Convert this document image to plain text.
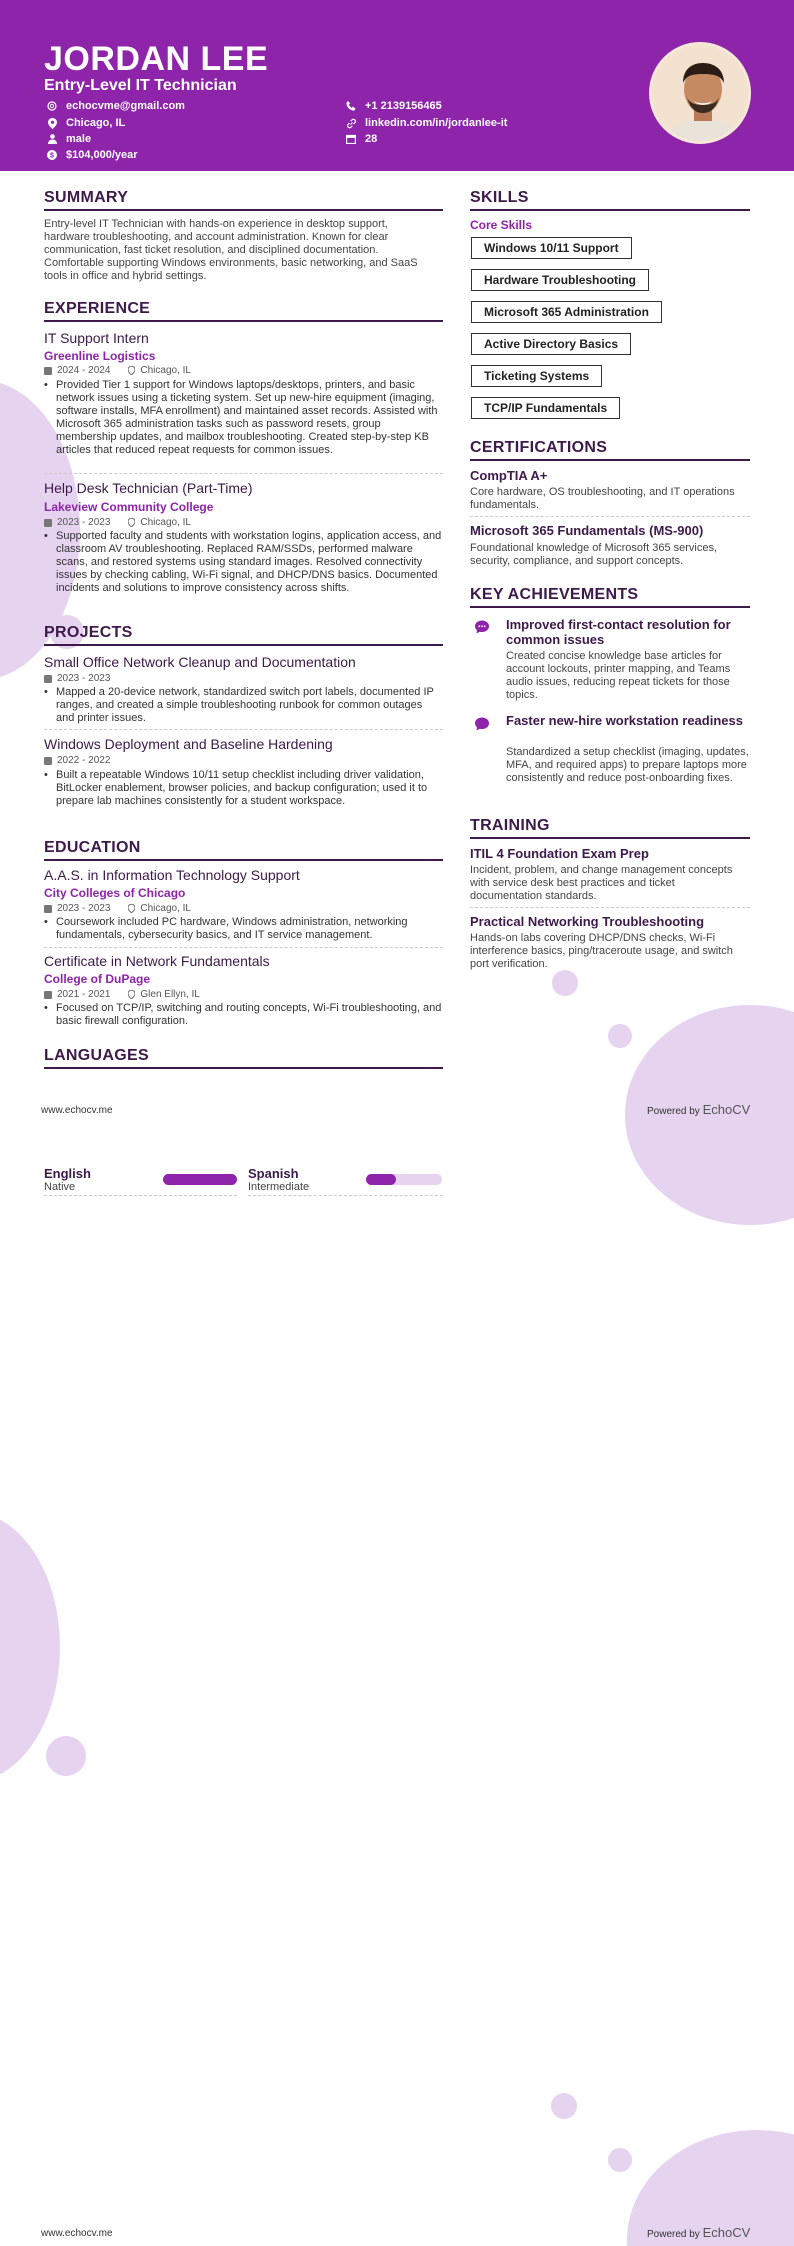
JORDAN LEE
Entry-Level IT Technician
echocvme@gmail.com
Chicago, IL
male
$ $104,000/year
+1 2139156465
linkedin.com/in/jordanlee-it
28
SUMMARY
Entry-level IT Technician with hands-on experience in desktop support, hardware troubleshooting, and account administration. Known for clear communication, fast ticket resolution, and disciplined documentation. Comfortable supporting Windows environments, basic networking, and SaaS tools in office and hybrid settings.
EXPERIENCE
IT Support Intern
Greenline Logistics
2024 - 2024	Chicago, IL
• Provided Tier 1 support for Windows laptops/desktops, printers, and basic network issues using a ticketing system. Set up new-hire equipment (imaging, software installs, MFA enrollment) and maintained asset records. Assisted with Microsoft 365 administration tasks such as password resets, group membership updates, and mailbox troubleshooting. Created step-by-step KB articles that reduced repeat requests for common issues.
Help Desk Technician (Part-Time)
Lakeview Community College
2023 - 2023	Chicago, IL
• Supported faculty and students with workstation logins, application access, and classroom AV troubleshooting. Replaced RAM/SSDs, performed malware scans, and restored systems using standard images. Resolved connectivity issues by checking cabling, Wi-Fi signal, and DHCP/DNS basics. Documented incidents and solutions to improve consistency across shifts.
PROJECTS
Small Office Network Cleanup and Documentation
2023 - 2023
• Mapped a 20-device network, standardized switch port labels, documented IP ranges, and created a simple troubleshooting runbook for common outages and printer issues.
Windows Deployment and Baseline Hardening
2022 - 2022
• Built a repeatable Windows 10/11 setup checklist including driver validation, BitLocker enablement, browser policies, and backup configuration; used it to prepare lab machines consistently for a student workspace.
EDUCATION
A.A.S. in Information Technology Support
City Colleges of Chicago
2023 - 2023	Chicago, IL
• Coursework included PC hardware, Windows administration, networking fundamentals, cybersecurity basics, and IT service management.
Certificate in Network Fundamentals
College of DuPage
2021 - 2021	Glen Ellyn, IL
• Focused on TCP/IP, switching and routing concepts, Wi-Fi troubleshooting, and basic firewall configuration.
LANGUAGES
www.echocv.me	Powered by EchoCV
English
Native
Spanish
Intermediate
SKILLS
Core Skills
Windows 10/11 Support
Hardware Troubleshooting
Microsoft 365 Administration
Active Directory Basics
Ticketing Systems
TCP/IP Fundamentals
CERTIFICATIONS
CompTIA A+
Core hardware, OS troubleshooting, and IT operations fundamentals.
Microsoft 365 Fundamentals (MS-900)
Foundational knowledge of Microsoft 365 services, security, compliance, and support concepts.
KEY ACHIEVEMENTS
Improved first-contact resolution for common issues
Created concise knowledge base articles for account lockouts, printer mapping, and Teams audio issues, reducing repeat tickets for those topics.
Faster new-hire workstation readiness
Standardized a setup checklist (imaging, updates, MFA, and required apps) to prepare laptops more consistently and reduce post-onboarding fixes.
TRAINING
ITIL 4 Foundation Exam Prep
Incident, problem, and change management concepts with service desk best practices and ticket documentation standards.
Practical Networking Troubleshooting
Hands-on labs covering DHCP/DNS checks, Wi-Fi interference basics, ping/traceroute usage, and switch port verification.
www.echocv.me	Powered by EchoCV
